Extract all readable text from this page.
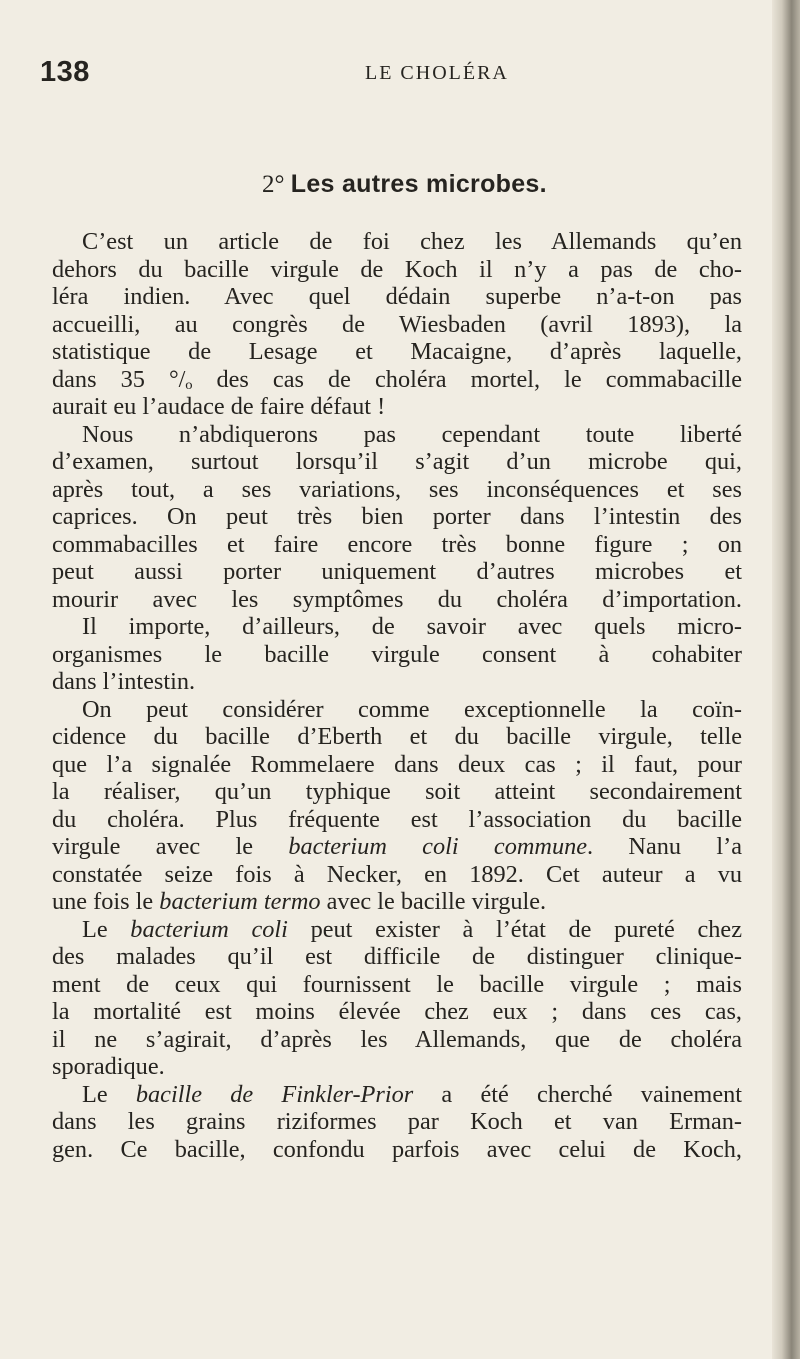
138	LE CHOLÉRA
2° Les autres microbes.
C’est un article de foi chez les Allemands qu’en
dehors du bacille virgule de Koch il n’y a pas de cho-
léra indien. Avec quel dédain superbe n’a-t-on pas
accueilli, au congrès de Wiesbaden (avril 1893), la
statistique de Lesage et Macaigne, d’après laquelle,
dans 35 °/ₒ des cas de choléra mortel, le commabacille
aurait eu l’audace de faire défaut !
Nous n’abdiquerons pas cependant toute liberté
d’examen, surtout lorsqu’il s’agit d’un microbe qui,
après tout, a ses variations, ses inconséquences et ses
caprices. On peut très bien porter dans l’intestin des
commabacilles et faire encore très bonne figure ; on
peut aussi porter uniquement d’autres microbes et
mourir avec les symptômes du choléra d’importation.
Il importe, d’ailleurs, de savoir avec quels micro-
organismes le bacille virgule consent à cohabiter
dans l’intestin.
On peut considérer comme exceptionnelle la coïn-
cidence du bacille d’Eberth et du bacille virgule, telle
que l’a signalée Rommelaere dans deux cas ; il faut, pour
la réaliser, qu’un typhique soit atteint secondairement
du choléra. Plus fréquente est l’association du bacille
virgule avec le bacterium coli commune. Nanu l’a
constatée seize fois à Necker, en 1892. Cet auteur a vu
une fois le bacterium termo avec le bacille virgule.
Le bacterium coli peut exister à l’état de pureté chez
des malades qu’il est difficile de distinguer clinique-
ment de ceux qui fournissent le bacille virgule ; mais
la mortalité est moins élevée chez eux ; dans ces cas,
il ne s’agirait, d’après les Allemands, que de choléra
sporadique.
Le bacille de Finkler-Prior a été cherché vainement
dans les grains riziformes par Koch et van Erman-
gen. Ce bacille, confondu parfois avec celui de Koch,
